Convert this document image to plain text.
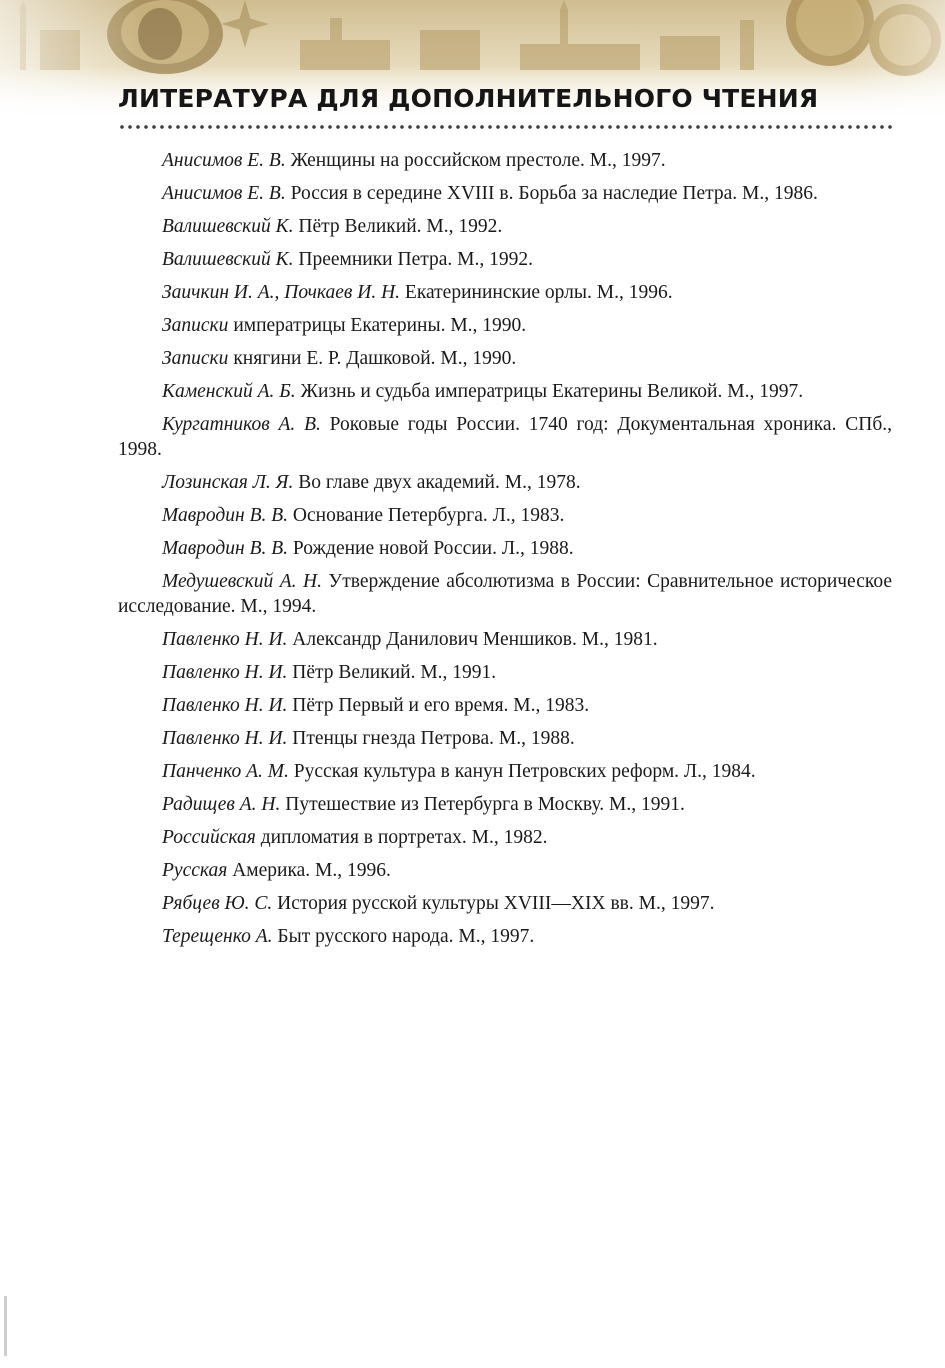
ЛИТЕРАТУРА ДЛЯ ДОПОЛНИТЕЛЬНОГО ЧТЕНИЯ
Анисимов Е. В. Женщины на российском престоле. М., 1997.
Анисимов Е. В. Россия в середине XVIII в. Борьба за наследие Петра. М., 1986.
Валишевский К. Пётр Великий. М., 1992.
Валишевский К. Преемники Петра. М., 1992.
Заичкин И. А., Почкаев И. Н. Екатерининские орлы. М., 1996.
Записки императрицы Екатерины. М., 1990.
Записки княгини Е. Р. Дашковой. М., 1990.
Каменский А. Б. Жизнь и судьба императрицы Екатерины Великой. М., 1997.
Кургатников А. В. Роковые годы России. 1740 год: Документальная хроника. СПб., 1998.
Лозинская Л. Я. Во главе двух академий. М., 1978.
Мавродин В. В. Основание Петербурга. Л., 1983.
Мавродин В. В. Рождение новой России. Л., 1988.
Медушевский А. Н. Утверждение абсолютизма в России: Сравнительное историческое исследование. М., 1994.
Павленко Н. И. Александр Данилович Меншиков. М., 1981.
Павленко Н. И. Пётр Великий. М., 1991.
Павленко Н. И. Пётр Первый и его время. М., 1983.
Павленко Н. И. Птенцы гнезда Петрова. М., 1988.
Панченко А. М. Русская культура в канун Петровских реформ. Л., 1984.
Радищев А. Н. Путешествие из Петербурга в Москву. М., 1991.
Российская дипломатия в портретах. М., 1982.
Русская Америка. М., 1996.
Рябцев Ю. С. История русской культуры XVIII—XIX вв. М., 1997.
Терещенко А. Быт русского народа. М., 1997.
